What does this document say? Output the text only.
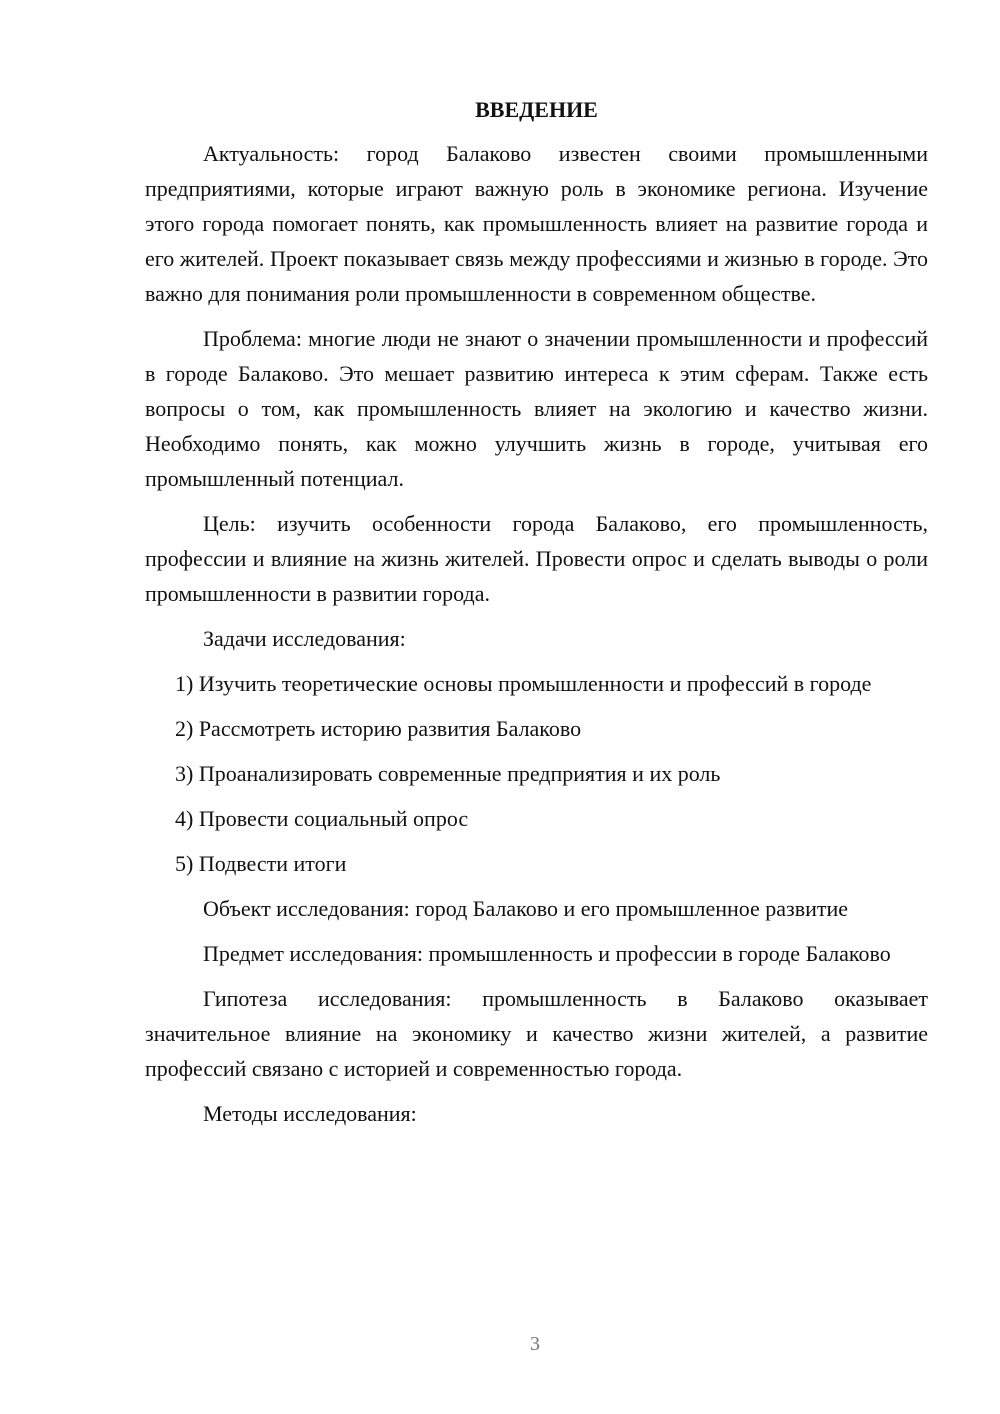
ВВЕДЕНИЕ

Актуальность: город Балаково известен своими промышленными предприятиями, которые играют важную роль в экономике региона. Изучение этого города помогает понять, как промышленность влияет на развитие города и его жителей. Проект показывает связь между профессиями и жизнью в городе. Это важно для понимания роли промышленности в современном обществе.

Проблема: многие люди не знают о значении промышленности и профессий в городе Балаково. Это мешает развитию интереса к этим сферам. Также есть вопросы о том, как промышленность влияет на экологию и качество жизни. Необходимо понять, как можно улучшить жизнь в городе, учитывая его промышленный потенциал.

Цель: изучить особенности города Балаково, его промышленность, профессии и влияние на жизнь жителей. Провести опрос и сделать выводы о роли промышленности в развитии города.

Задачи исследования:

1) Изучить теоретические основы промышленности и профессий в городе

2) Рассмотреть историю развития Балаково

3) Проанализировать современные предприятия и их роль

4) Провести социальный опрос

5) Подвести итоги

Объект исследования: город Балаково и его промышленное развитие

Предмет исследования: промышленность и профессии в городе Балаково

Гипотеза исследования: промышленность в Балаково оказывает значительное влияние на экономику и качество жизни жителей, а развитие профессий связано с историей и современностью города.

Методы исследования:

3
